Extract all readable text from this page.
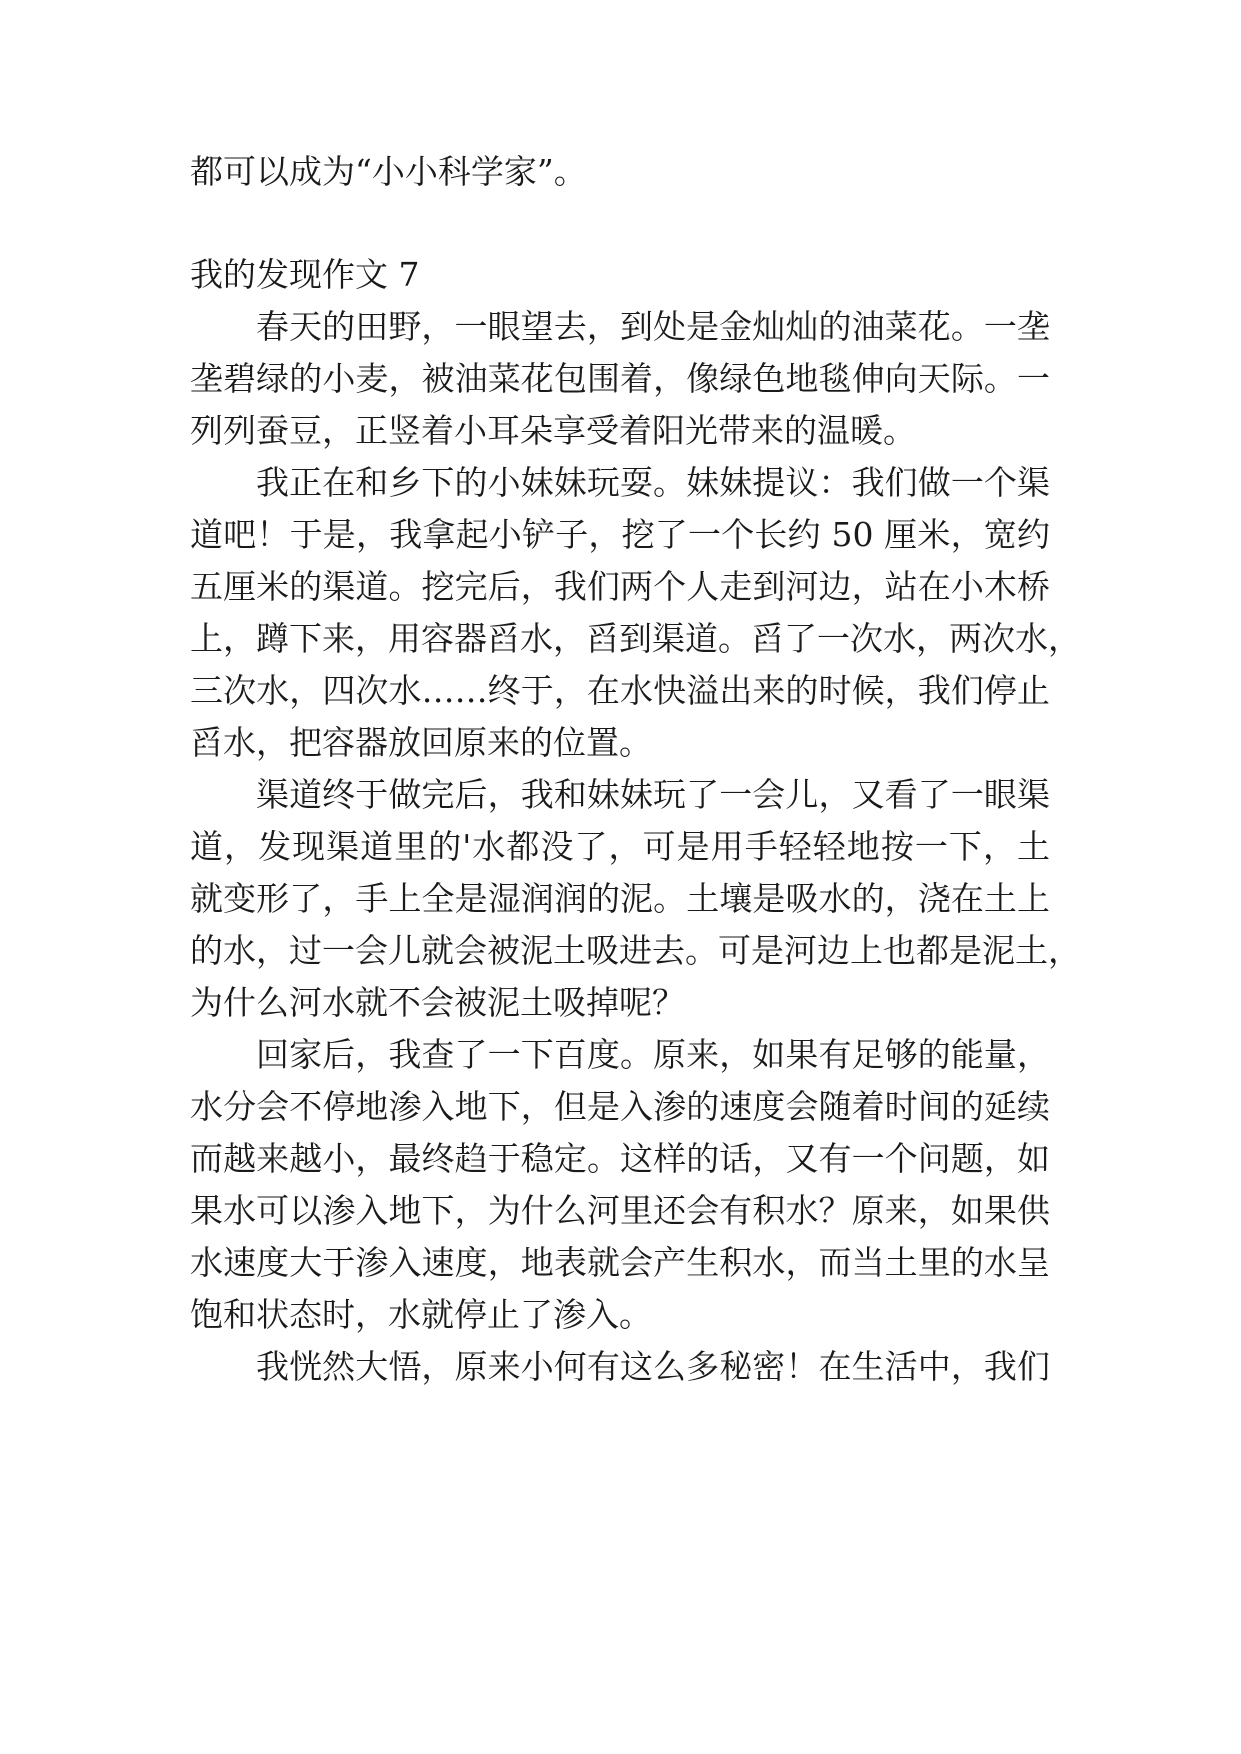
都可以成为“小小科学家”。
我的发现作文 7
春天的田野，一眼望去，到处是金灿灿的油菜花。一垄
垄碧绿的小麦，被油菜花包围着，像绿色地毯伸向天际。一
列列蚕豆，正竖着小耳朵享受着阳光带来的温暖。
我正在和乡下的小妹妹玩耍。妹妹提议：我们做一个渠
道吧！于是，我拿起小铲子，挖了一个长约 50 厘米，宽约
五厘米的渠道。挖完后，我们两个人走到河边，站在小木桥
上，蹲下来，用容器舀水，舀到渠道。舀了一次水，两次水，
三次水，四次水……终于，在水快溢出来的时候，我们停止
舀水，把容器放回原来的位置。
渠道终于做完后，我和妹妹玩了一会儿，又看了一眼渠
道，发现渠道里的'水都没了，可是用手轻轻地按一下，土
就变形了，手上全是湿润润的泥。土壤是吸水的，浇在土上
的水，过一会儿就会被泥土吸进去。可是河边上也都是泥土，
为什么河水就不会被泥土吸掉呢？
回家后，我查了一下百度。原来，如果有足够的能量，
水分会不停地渗入地下，但是入渗的速度会随着时间的延续
而越来越小，最终趋于稳定。这样的话，又有一个问题，如
果水可以渗入地下，为什么河里还会有积水？原来，如果供
水速度大于渗入速度，地表就会产生积水，而当土里的水呈
饱和状态时，水就停止了渗入。
我恍然大悟，原来小何有这么多秘密！在生活中，我们
